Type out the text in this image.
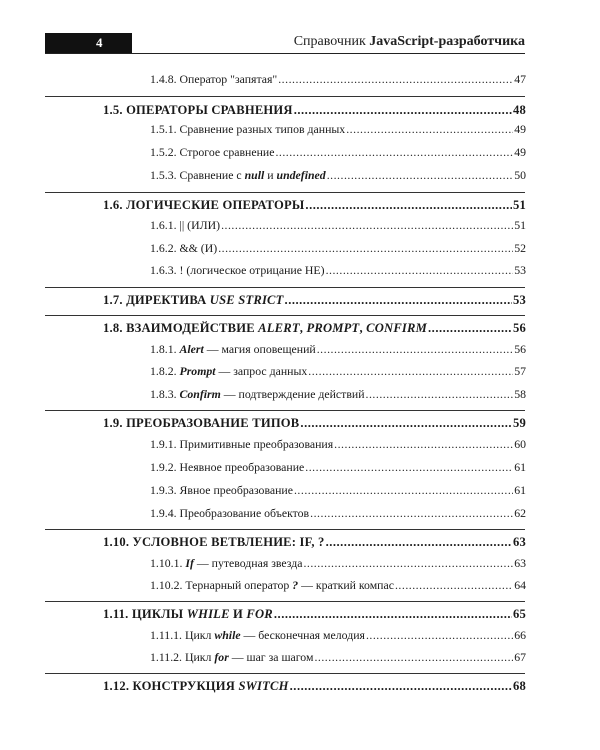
4	Справочник JavaScript-разработчика
1.4.8. Оператор "запятая" .....	47
1.5. ОПЕРАТОРЫ СРАВНЕНИЯ .....	48
1.5.1. Сравнение разных типов данных .....	49
1.5.2. Строгое сравнение .....	49
1.5.3. Сравнение с null и undefined .....	50
1.6. ЛОГИЧЕСКИЕ ОПЕРАТОРЫ .....	51
1.6.1. || (ИЛИ) .....	51
1.6.2. && (И) .....	52
1.6.3. ! (логическое отрицание НЕ) .....	53
1.7. ДИРЕКТИВА USE STRICT .....	53
1.8. ВЗАИМОДЕЙСТВИЕ ALERT, PROMPT, CONFIRM .....	56
1.8.1. Alert — магия оповещений .....	56
1.8.2. Prompt — запрос данных .....	57
1.8.3. Confirm — подтверждение действий .....	58
1.9. ПРЕОБРАЗОВАНИЕ ТИПОВ .....	59
1.9.1. Примитивные преобразования .....	60
1.9.2. Неявное преобразование .....	61
1.9.3. Явное преобразование .....	61
1.9.4. Преобразование объектов .....	62
1.10. УСЛОВНОЕ ВЕТВЛЕНИЕ: IF, ? .....	63
1.10.1. If — путеводная звезда .....	63
1.10.2. Тернарный оператор ? — краткий компас .....	64
1.11. ЦИКЛЫ WHILE И FOR .....	65
1.11.1. Цикл while — бесконечная мелодия .....	66
1.11.2. Цикл for — шаг за шагом .....	67
1.12. КОНСТРУКЦИЯ SWITCH .....	68
